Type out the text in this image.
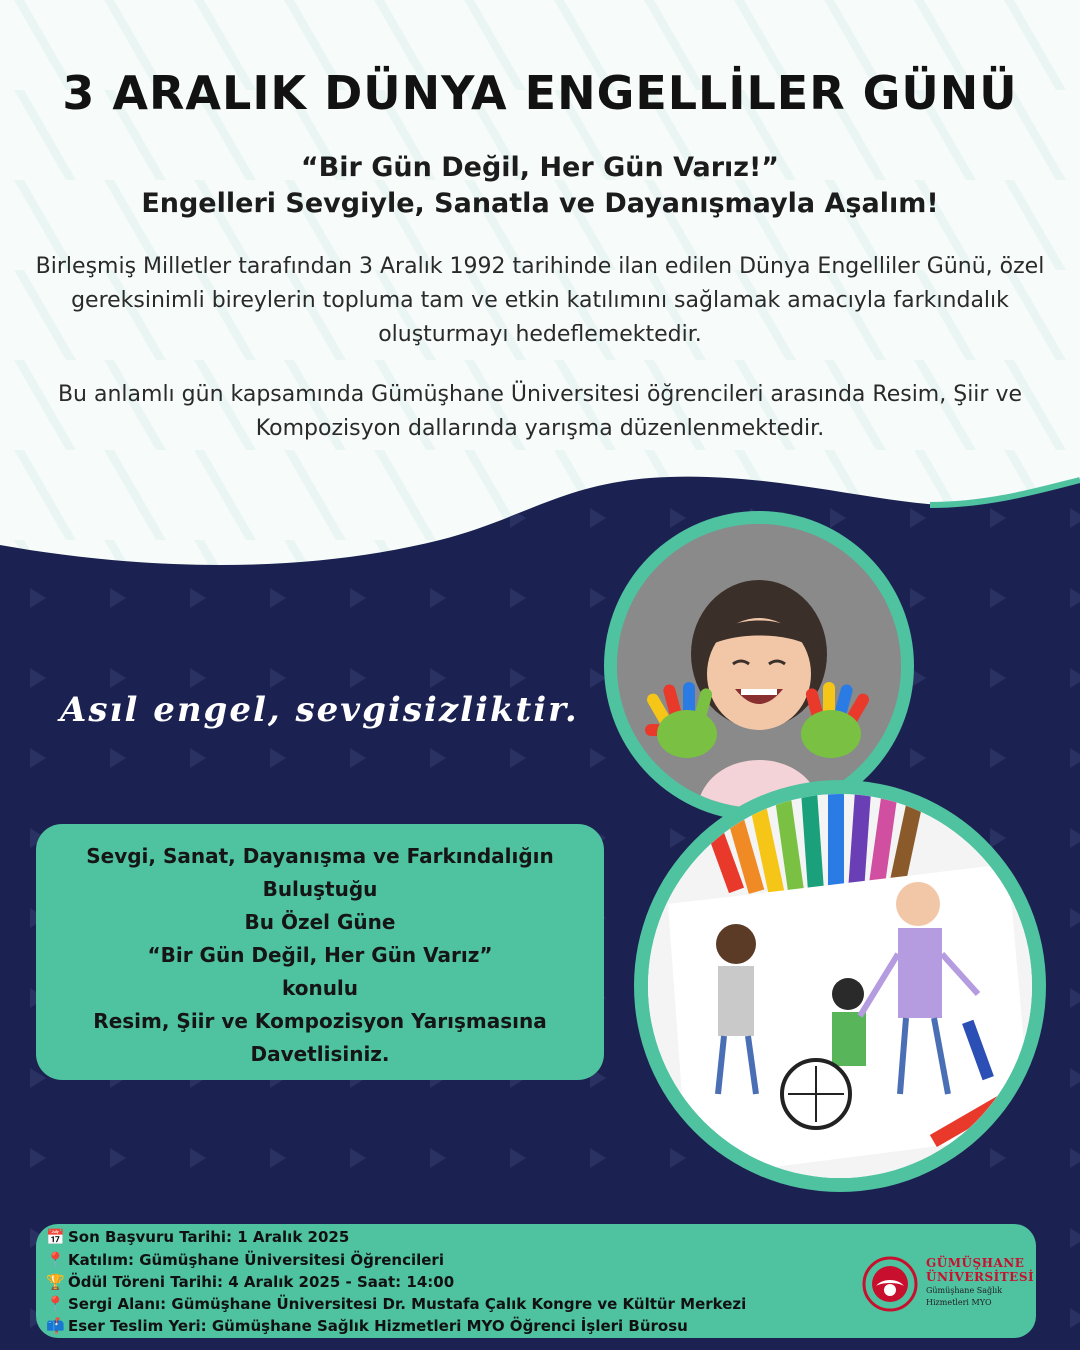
3 ARALIK DÜNYA ENGELLİLER GÜNÜ
“Bir Gün Değil, Her Gün Varız!”
Engelleri Sevgiyle, Sanatla ve Dayanışmayla Aşalım!
Birleşmiş Milletler tarafından 3 Aralık 1992 tarihinde ilan edilen Dünya Engelliler Günü, özel gereksinimli bireylerin topluma tam ve etkin katılımını sağlamak amacıyla farkındalık oluşturmayı hedeflemektedir.
Bu anlamlı gün kapsamında Gümüşhane Üniversitesi öğrencileri arasında Resim, Şiir ve Kompozisyon dallarında yarışma düzenlenmektedir.
Asıl engel, sevgisizliktir.
Sevgi, Sanat, Dayanışma ve Farkındalığın
Buluştuğu
Bu Özel Güne
“Bir Gün Değil, Her Gün Varız”
konulu
Resim, Şiir ve Kompozisyon Yarışmasına
Davetlisiniz.
📅 Son Başvuru Tarihi: 1 Aralık 2025
📍 Katılım: Gümüşhane Üniversitesi Öğrencileri
🏆 Ödül Töreni Tarihi: 4 Aralık 2025 - Saat: 14:00
📍 Sergi Alanı: Gümüşhane Üniversitesi Dr. Mustafa Çalık Kongre ve Kültür Merkezi
📫 Eser Teslim Yeri: Gümüşhane Sağlık Hizmetleri MYO Öğrenci İşleri Bürosu
GÜMÜŞHANE
ÜNİVERSİTESİ
Gümüşhane Sağlık
Hizmetleri MYO
